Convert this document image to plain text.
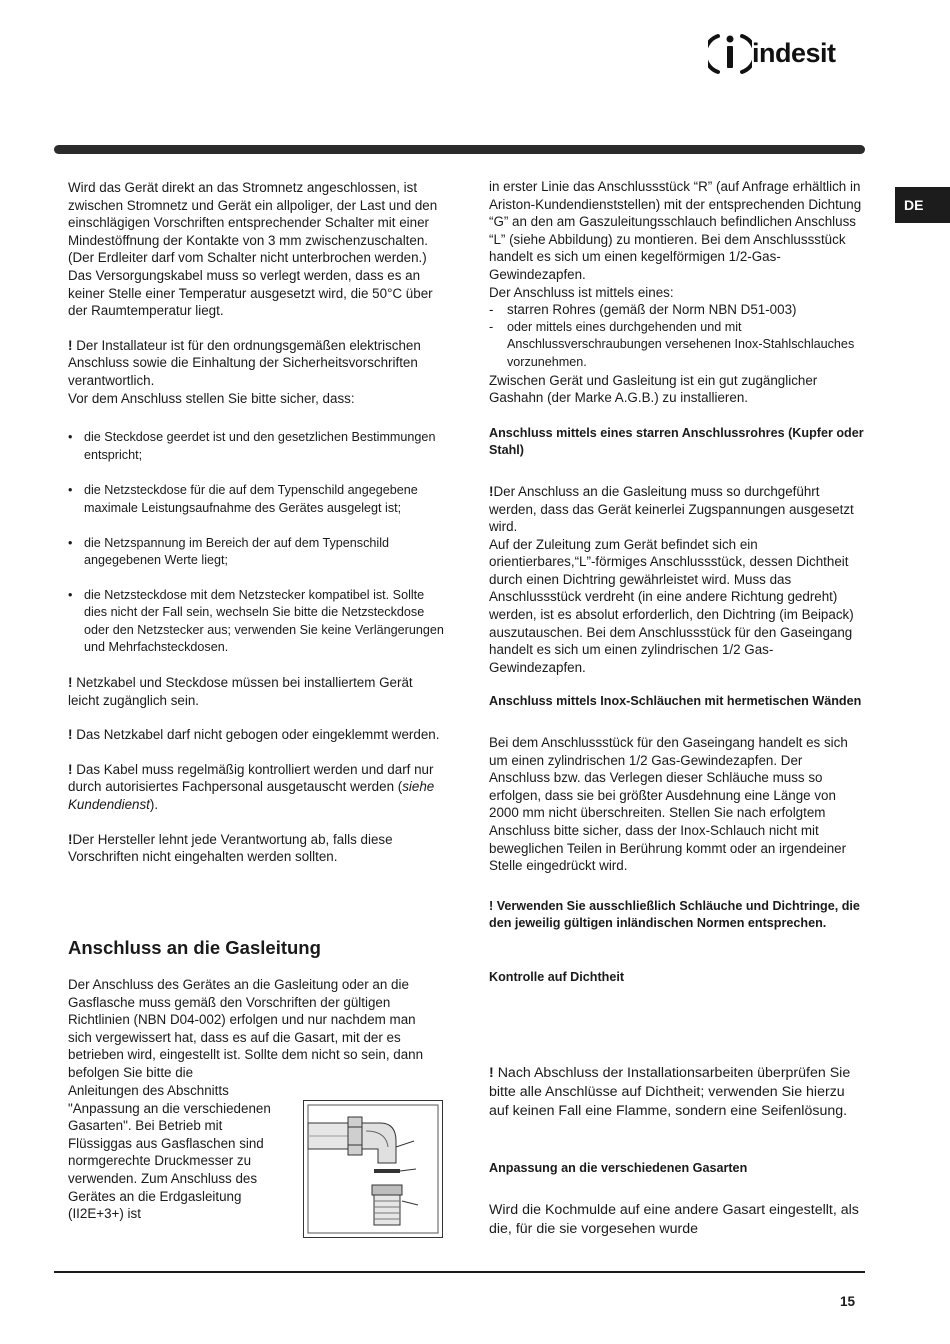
indesit
DE

Wird das Gerät direkt an das Stromnetz angeschlossen, ist zwischen Stromnetz und Gerät ein allpoliger, der Last und den einschlägigen Vorschriften entsprechender Schalter mit einer Mindestöffnung der Kontakte von 3 mm zwischenzuschalten. (Der Erdleiter darf vom Schalter nicht unterbrochen werden.) Das Versorgungskabel muss so verlegt werden, dass es an keiner Stelle einer Temperatur ausgesetzt wird, die 50°C über der Raumtemperatur liegt.

! Der Installateur ist für den ordnungsgemäßen elektrischen Anschluss sowie die Einhaltung der Sicherheitsvorschriften verantwortlich.

Vor dem Anschluss stellen Sie bitte sicher, dass:

• die Steckdose geerdet ist und den gesetzlichen Bestimmungen entspricht;
• die Netzsteckdose für die auf dem Typenschild angegebene maximale Leistungsaufnahme des Gerätes ausgelegt ist;
• die Netzspannung im Bereich der auf dem Typenschild angegebenen Werte liegt;
• die Netzsteckdose mit dem Netzstecker kompatibel ist. Sollte dies nicht der Fall sein, wechseln Sie bitte die Netzsteckdose oder den Netzstecker aus; verwenden Sie keine Verlängerungen und Mehrfachsteckdosen.

! Netzkabel und Steckdose müssen bei installiertem Gerät leicht zugänglich sein.

! Das Netzkabel darf nicht gebogen oder eingeklemmt werden.

! Das Kabel muss regelmäßig kontrolliert werden und darf nur durch autorisiertes Fachpersonal ausgetauscht werden (siehe Kundendienst).

!Der Hersteller lehnt jede Verantwortung ab, falls diese Vorschriften nicht eingehalten werden sollten.

Anschluss an die Gasleitung
Der Anschluss des Gerätes an die Gasleitung oder an die Gasflasche muss gemäß den Vorschriften der gültigen Richtlinien (NBN D04-002) erfolgen und nur nachdem man sich vergewissert hat, dass es auf die Gasart, mit der es betrieben wird, eingestellt ist. Sollte dem nicht so sein, dann befolgen Sie bitte die
Anleitungen des Abschnitts "Anpassung an die verschiedenen Gasarten". Bei Betrieb mit Flüssiggas aus Gasflaschen sind normgerechte Druckmesser zu verwenden. Zum Anschluss des Gerätes an die Erdgasleitung (II2E+3+) ist

in erster Linie das Anschlussstück “R” (auf Anfrage erhältlich in Ariston-Kundendienststellen) mit der entsprechenden Dichtung “G” an den am Gaszuleitungsschlauch befindlichen Anschluss “L” (siehe Abbildung) zu montieren. Bei dem Anschlussstück handelt es sich um einen kegelförmigen 1/2-Gas-Gewindezapfen.

Der Anschluss ist mittels eines:

- starren Rohres (gemäß der Norm NBN D51-003)
- oder mittels eines durchgehenden und mit Anschlussverschraubungen versehenen Inox-Stahlschlauches vorzunehmen.

Zwischen Gerät und Gasleitung ist ein gut zugänglicher Gashahn (der Marke A.G.B.) zu installieren.

Anschluss mittels eines starren Anschlussrohres (Kupfer oder Stahl)

!Der Anschluss an die Gasleitung muss so durchgeführt werden, dass das Gerät keinerlei Zugspannungen ausgesetzt wird.

Auf der Zuleitung zum Gerät befindet sich ein orientierbares,“L”-förmiges Anschlussstück, dessen Dichtheit durch einen Dichtring gewährleistet wird. Muss das Anschlussstück verdreht (in eine andere Richtung gedreht) werden, ist es absolut erforderlich, den Dichtring (im Beipack) auszutauschen. Bei dem Anschlussstück für den Gaseingang handelt es sich um einen zylindrischen 1/2 Gas-Gewindezapfen.

Anschluss mittels Inox-Schläuchen mit hermetischen Wänden

Bei dem Anschlussstück für den Gaseingang handelt es sich um einen zylindrischen 1/2 Gas-Gewindezapfen. Der Anschluss bzw. das Verlegen dieser Schläuche muss so erfolgen, dass sie bei größter Ausdehnung eine Länge von 2000 mm nicht überschreiten. Stellen Sie nach erfolgtem Anschluss bitte sicher, dass der Inox-Schlauch nicht mit beweglichen Teilen in Berührung kommt oder an irgendeiner Stelle eingedrückt wird.

! Verwenden Sie ausschließlich Schläuche und Dichtringe, die den jeweilig gültigen inländischen Normen entsprechen.

Kontrolle auf Dichtheit

! Nach Abschluss der Installationsarbeiten überprüfen Sie bitte alle Anschlüsse auf Dichtheit; verwenden Sie hierzu auf keinen Fall eine Flamme, sondern eine Seifenlösung.
Anpassung an die verschiedenen Gasarten
Wird die Kochmulde auf eine andere Gasart eingestellt, als die, für die sie vorgesehen wurde
15
